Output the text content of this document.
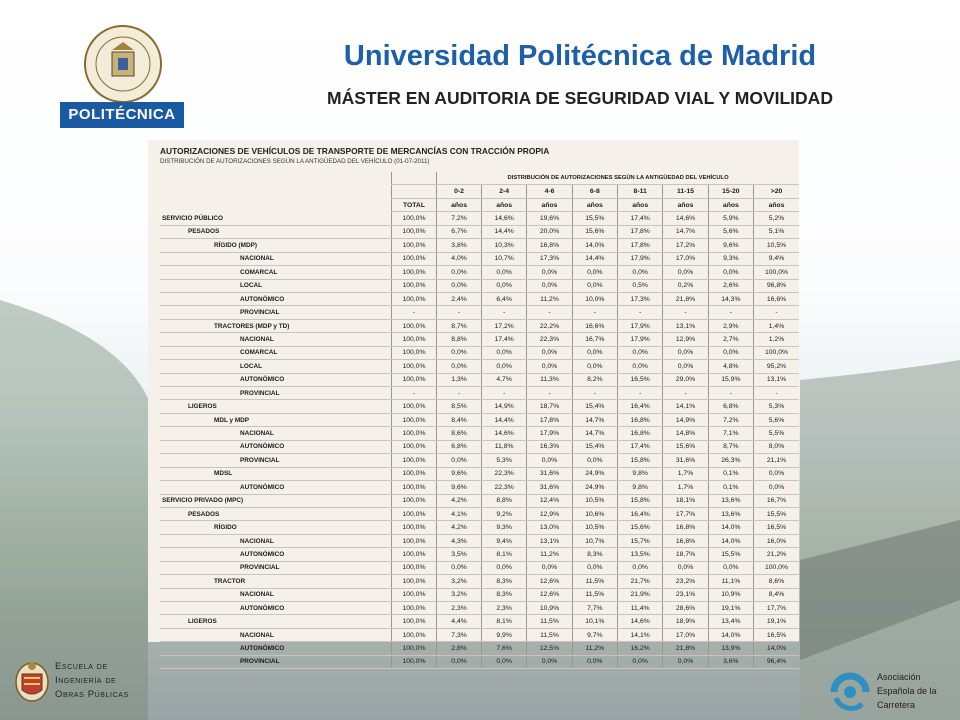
POLITÉCNICA
Universidad Politécnica de Madrid
MÁSTER EN AUDITORIA DE SEGURIDAD VIAL Y MOVILIDAD
AUTORIZACIONES DE VEHÍCULOS DE TRANSPORTE DE MERCANCÍAS CON TRACCIÓN PROPIA
DISTRIBUCIÓN DE AUTORIZACIONES SEGÚN LA ANTIGÜEDAD DEL VEHÍCULO (01-07-2011)
		DISTRIBUCIÓN DE AUTORIZACIONES SEGÚN LA ANTIGÜEDAD DEL VEHÍCULO							
		0-2	2-4	4-6	6-8	8-11	11-15	15-20	>20
	TOTAL	años	años	años	años	años	años	años	años
SERVICIO PÚBLICO	100,0%	7,2%	14,6%	19,6%	15,5%	17,4%	14,6%	5,9%	5,2%
PESADOS	100,0%	6,7%	14,4%	20,0%	15,6%	17,8%	14,7%	5,6%	5,1%
RÍGIDO (MDP)	100,0%	3,8%	10,3%	16,8%	14,0%	17,8%	17,2%	9,6%	10,5%
NACIONAL	100,0%	4,0%	10,7%	17,3%	14,4%	17,9%	17,0%	9,3%	9,4%
COMARCAL	100,0%	0,0%	0,0%	0,0%	0,0%	0,0%	0,0%	0,0%	100,0%
LOCAL	100,0%	0,0%	0,0%	0,0%	0,0%	0,5%	0,2%	2,6%	96,8%
AUTONÓMICO	100,0%	2,4%	6,4%	11,2%	10,0%	17,3%	21,8%	14,3%	16,6%
PROVINCIAL	-	-	-	-	-	-	-	-	-
TRACTORES (MDP y TD)	100,0%	8,7%	17,2%	22,2%	16,6%	17,9%	13,1%	2,9%	1,4%
NACIONAL	100,0%	8,8%	17,4%	22,3%	16,7%	17,9%	12,9%	2,7%	1,2%
COMARCAL	100,0%	0,0%	0,0%	0,0%	0,0%	0,0%	0,0%	0,0%	100,0%
LOCAL	100,0%	0,0%	0,0%	0,0%	0,0%	0,0%	0,0%	4,8%	95,2%
AUTONÓMICO	100,0%	1,3%	4,7%	11,3%	8,2%	16,5%	29,0%	15,9%	13,1%
PROVINCIAL	-	-	-	-	-	-	-	-	-
LIGEROS	100,0%	8,5%	14,9%	18,7%	15,4%	16,4%	14,1%	6,8%	5,3%
MDL y MDP	100,0%	8,4%	14,4%	17,8%	14,7%	16,8%	14,9%	7,2%	5,6%
NACIONAL	100,0%	8,6%	14,6%	17,9%	14,7%	16,8%	14,8%	7,1%	5,5%
AUTONÓMICO	100,0%	6,8%	11,8%	16,3%	15,4%	17,4%	15,6%	8,7%	8,0%
PROVINCIAL	100,0%	0,0%	5,3%	0,0%	0,0%	15,8%	31,6%	26,3%	21,1%
MDSL	100,0%	9,6%	22,3%	31,6%	24,9%	9,8%	1,7%	0,1%	0,0%
AUTONÓMICO	100,0%	9,6%	22,3%	31,6%	24,9%	9,8%	1,7%	0,1%	0,0%
SERVICIO PRIVADO (MPC)	100,0%	4,2%	8,8%	12,4%	10,5%	15,8%	18,1%	13,6%	16,7%
PESADOS	100,0%	4,1%	9,2%	12,9%	10,6%	16,4%	17,7%	13,6%	15,5%
RÍGIDO	100,0%	4,2%	9,3%	13,0%	10,5%	15,6%	16,8%	14,0%	16,5%
NACIONAL	100,0%	4,3%	9,4%	13,1%	10,7%	15,7%	16,8%	14,0%	16,0%
AUTONÓMICO	100,0%	3,5%	8,1%	11,2%	8,3%	13,5%	18,7%	15,5%	21,2%
PROVINCIAL	100,0%	0,0%	0,0%	0,0%	0,0%	0,0%	0,0%	0,0%	100,0%
TRACTOR	100,0%	3,2%	8,3%	12,6%	11,5%	21,7%	23,2%	11,1%	8,6%
NACIONAL	100,0%	3,2%	8,3%	12,6%	11,5%	21,9%	23,1%	10,9%	8,4%
AUTONÓMICO	100,0%	2,3%	2,3%	10,9%	7,7%	11,4%	28,6%	19,1%	17,7%
LIGEROS	100,0%	4,4%	8,1%	11,5%	10,1%	14,6%	18,9%	13,4%	19,1%
NACIONAL	100,0%	7,3%	9,9%	11,5%	9,7%	14,1%	17,0%	14,0%	16,5%
AUTONÓMICO	100,0%	2,8%	7,6%	12,5%	11,2%	16,2%	21,8%	13,9%	14,0%
PROVINCIAL	100,0%	0,0%	0,0%	0,0%	0,0%	0,0%	0,0%	3,6%	96,4%
Escuela de
Ingeniería de
Obras Públicas
Asociación
Española de la
Carretera
